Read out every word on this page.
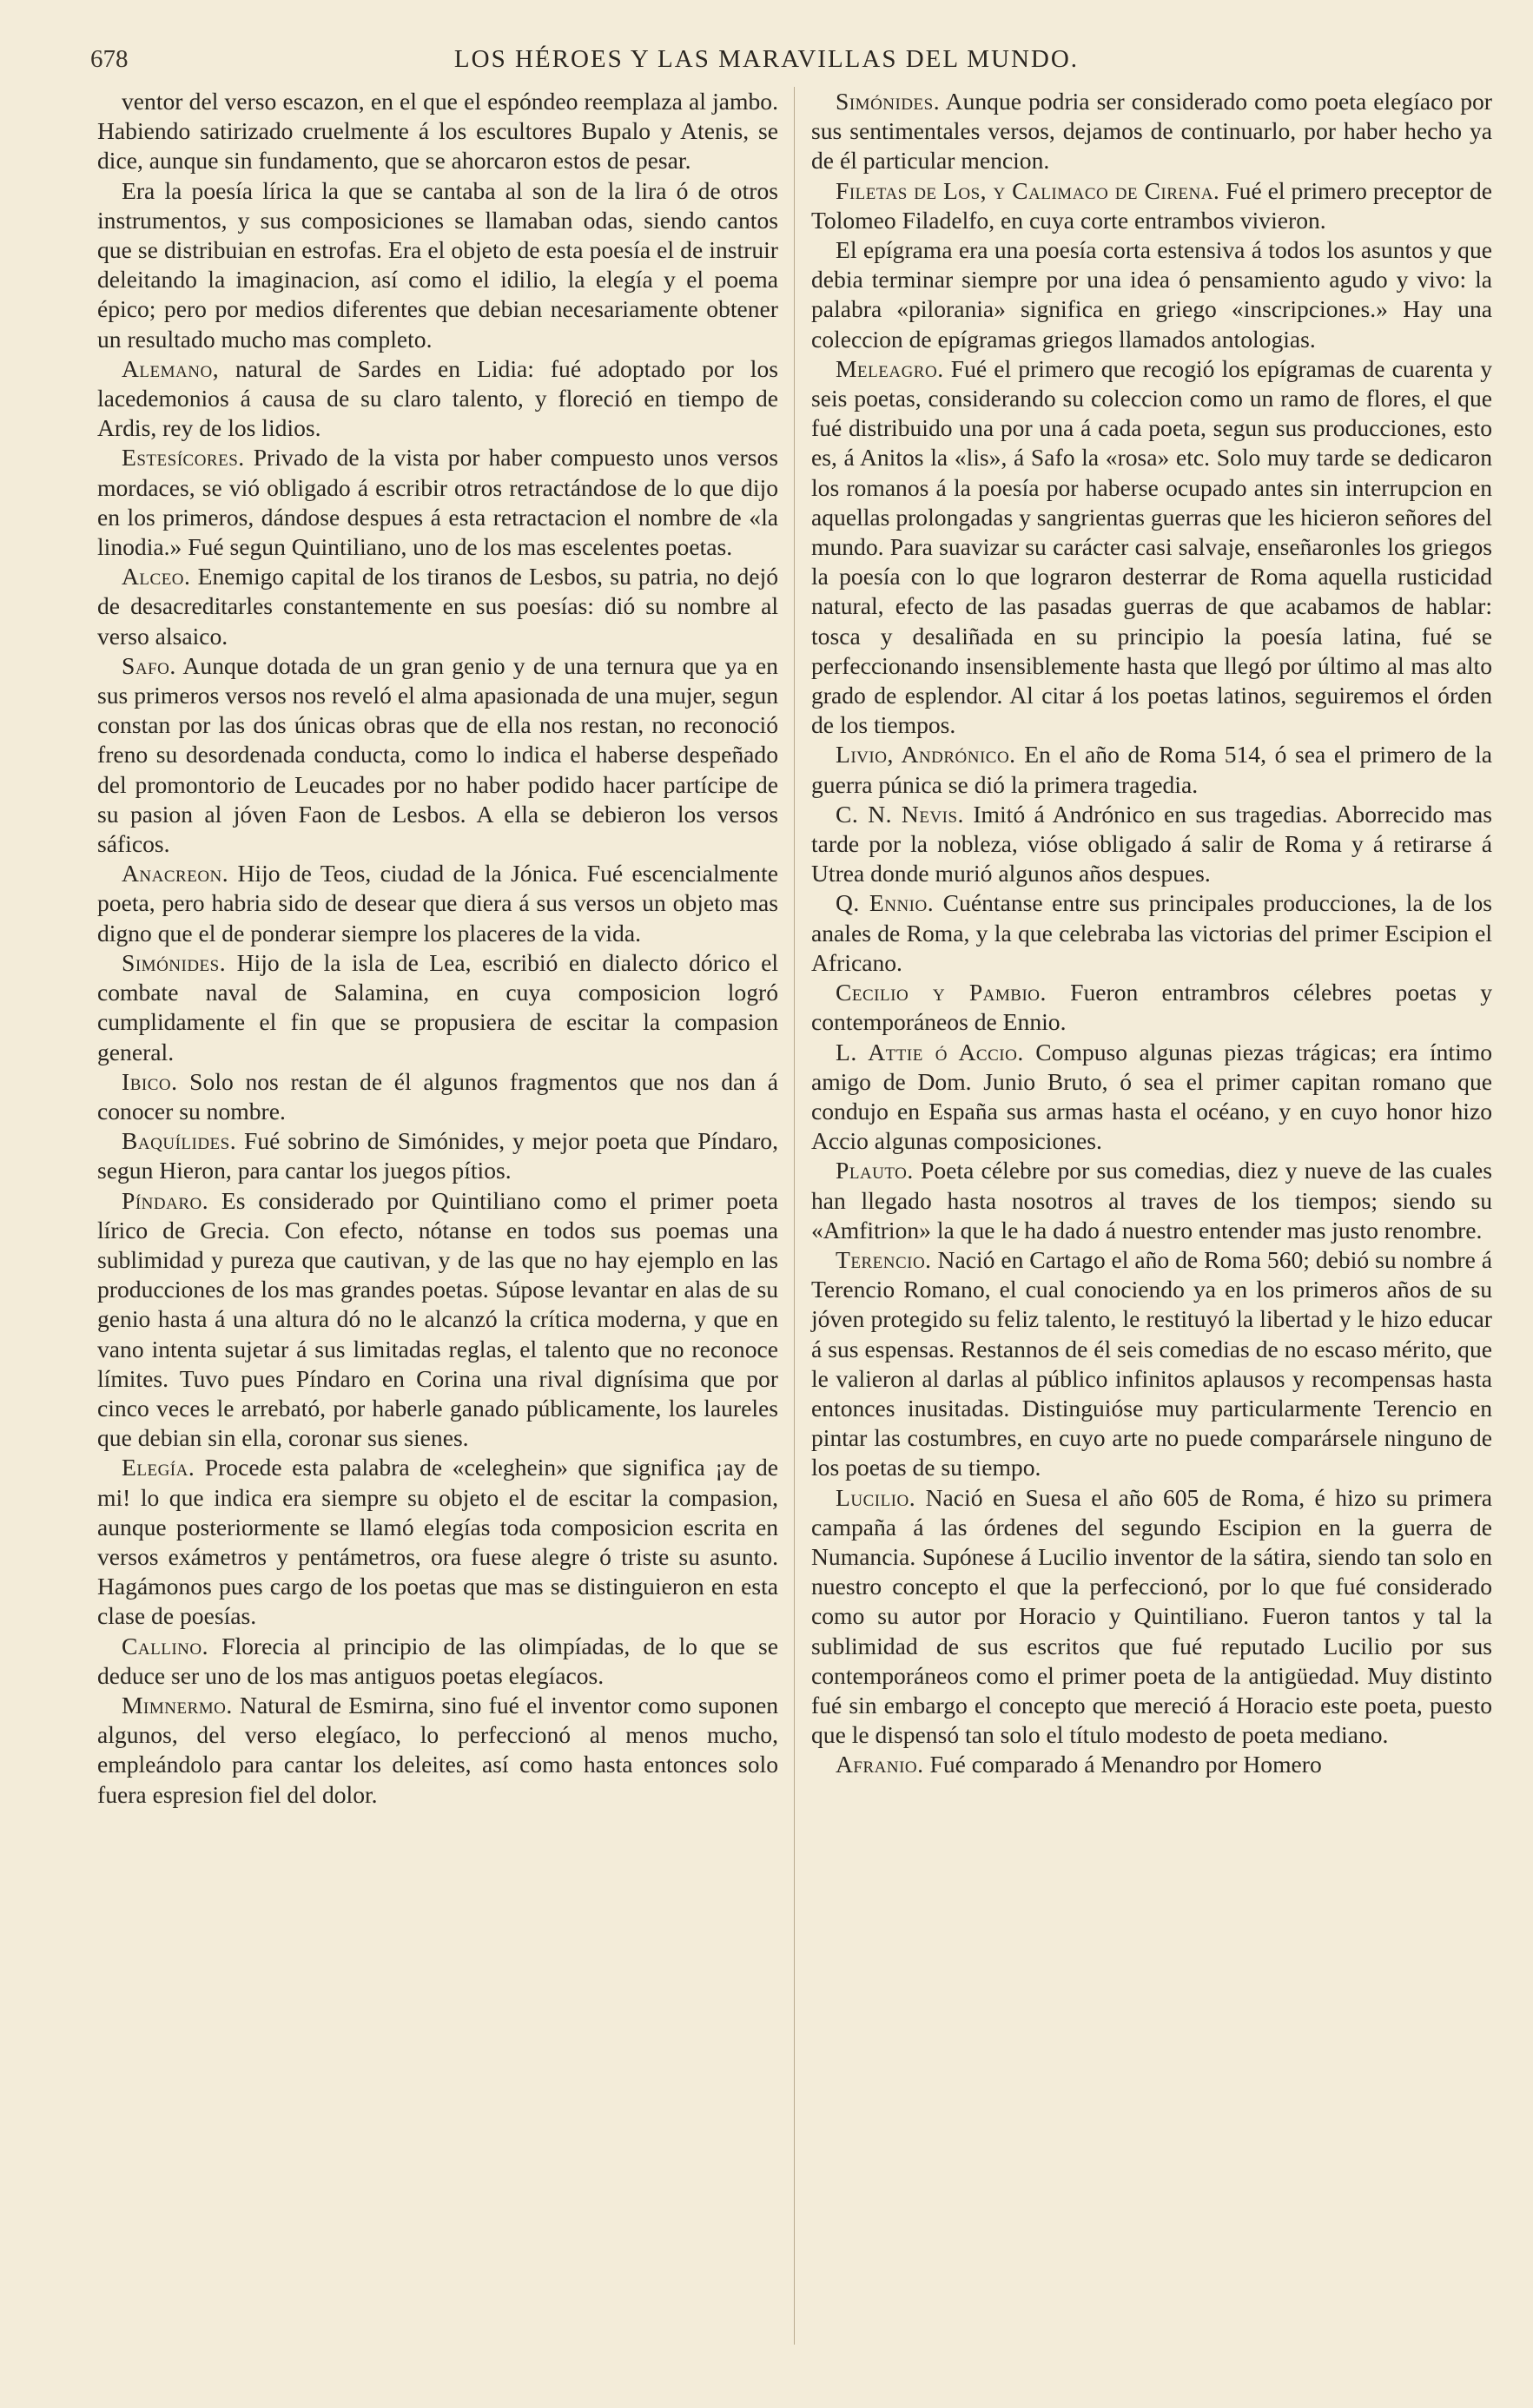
678	LOS HÉROES Y LAS MARAVILLAS DEL MUNDO.

ventor del verso escazon, en el que el espóndeo reemplaza al jambo. Habiendo satirizado cruelmente á los escultores Bupalo y Atenis, se dice, aunque sin fundamento, que se ahorcaron estos de pesar.

Era la poesía lírica la que se cantaba al son de la lira ó de otros instrumentos, y sus composiciones se llamaban odas, siendo cantos que se distribuian en estrofas. Era el objeto de esta poesía el de instruir deleitando la imaginacion, así como el idilio, la elegía y el poema épico; pero por medios diferentes que debian necesariamente obtener un resultado mucho mas completo.

Alemano, natural de Sardes en Lidia: fué adoptado por los lacedemonios á causa de su claro talento, y floreció en tiempo de Ardis, rey de los lidios.

Estesícores. Privado de la vista por haber compuesto unos versos mordaces, se vió obligado á escribir otros retractándose de lo que dijo en los primeros, dándose despues á esta retractacion el nombre de «la linodia.» Fué segun Quintiliano, uno de los mas escelentes poetas.

Alceo. Enemigo capital de los tiranos de Lesbos, su patria, no dejó de desacreditarles constantemente en sus poesías: dió su nombre al verso alsaico.

Safo. Aunque dotada de un gran genio y de una ternura que ya en sus primeros versos nos reveló el alma apasionada de una mujer, segun constan por las dos únicas obras que de ella nos restan, no reconoció freno su desordenada conducta, como lo indica el haberse despeñado del promontorio de Leucades por no haber podido hacer partícipe de su pasion al jóven Faon de Lesbos. A ella se debieron los versos sáficos.

Anacreon. Hijo de Teos, ciudad de la Jónica. Fué escencialmente poeta, pero habria sido de desear que diera á sus versos un objeto mas digno que el de ponderar siempre los placeres de la vida.

Simónides. Hijo de la isla de Lea, escribió en dialecto dórico el combate naval de Salamina, en cuya composicion logró cumplidamente el fin que se propusiera de escitar la compasion general.

Ibico. Solo nos restan de él algunos fragmentos que nos dan á conocer su nombre.

Baquílides. Fué sobrino de Simónides, y mejor poeta que Píndaro, segun Hieron, para cantar los juegos pítios.

Píndaro. Es considerado por Quintiliano como el primer poeta lírico de Grecia. Con efecto, nótanse en todos sus poemas una sublimidad y pureza que cautivan, y de las que no hay ejemplo en las producciones de los mas grandes poetas. Súpose levantar en alas de su genio hasta á una altura dó no le alcanzó la crítica moderna, y que en vano intenta sujetar á sus limitadas reglas, el talento que no reconoce límites. Tuvo pues Píndaro en Corina una rival dignísima que por cinco veces le arrebató, por haberle ganado públicamente, los laureles que debian sin ella, coronar sus sienes.

Elegía. Procede esta palabra de «celeghein» que significa ¡ay de mi! lo que indica era siempre su objeto el de escitar la compasion, aunque posteriormente se llamó elegías toda composicion escrita en versos exámetros y pentámetros, ora fuese alegre ó triste su asunto. Hagámonos pues cargo de los poetas que mas se distinguieron en esta clase de poesías.

Callino. Florecia al principio de las olimpíadas, de lo que se deduce ser uno de los mas antiguos poetas elegíacos.

Mimnermo. Natural de Esmirna, sino fué el inventor como suponen algunos, del verso elegíaco, lo perfeccionó al menos mucho, empleándolo para cantar los deleites, así como hasta entonces solo fuera espresion fiel del dolor.

Simónides. Aunque podria ser considerado como poeta elegíaco por sus sentimentales versos, dejamos de continuarlo, por haber hecho ya de él particular mencion.

Filetas de Los, y Calimaco de Cirena. Fué el primero preceptor de Tolomeo Filadelfo, en cuya corte entrambos vivieron.

El epígrama era una poesía corta estensiva á todos los asuntos y que debia terminar siempre por una idea ó pensamiento agudo y vivo: la palabra «pilorania» significa en griego «inscripciones.» Hay una coleccion de epígramas griegos llamados antologias.

Meleagro. Fué el primero que recogió los epígramas de cuarenta y seis poetas, considerando su coleccion como un ramo de flores, el que fué distribuido una por una á cada poeta, segun sus producciones, esto es, á Anitos la «lis», á Safo la «rosa» etc. Solo muy tarde se dedicaron los romanos á la poesía por haberse ocupado antes sin interrupcion en aquellas prolongadas y sangrientas guerras que les hicieron señores del mundo. Para suavizar su carácter casi salvaje, enseñaronles los griegos la poesía con lo que lograron desterrar de Roma aquella rusticidad natural, efecto de las pasadas guerras de que acabamos de hablar: tosca y desaliñada en su principio la poesía latina, fué se perfeccionando insensiblemente hasta que llegó por último al mas alto grado de esplendor. Al citar á los poetas latinos, seguiremos el órden de los tiempos.

Livio, Andrónico. En el año de Roma 514, ó sea el primero de la guerra púnica se dió la primera tragedia.

C. N. Nevis. Imitó á Andrónico en sus tragedias. Aborrecido mas tarde por la nobleza, vióse obligado á salir de Roma y á retirarse á Utrea donde murió algunos años despues.

Q. Ennio. Cuéntanse entre sus principales producciones, la de los anales de Roma, y la que celebraba las victorias del primer Escipion el Africano.

Cecilio y Pambio. Fueron entrambros célebres poetas y contemporáneos de Ennio.

L. Attie ó Accio. Compuso algunas piezas trágicas; era íntimo amigo de Dom. Junio Bruto, ó sea el primer capitan romano que condujo en España sus armas hasta el océano, y en cuyo honor hizo Accio algunas composiciones.

Plauto. Poeta célebre por sus comedias, diez y nueve de las cuales han llegado hasta nosotros al traves de los tiempos; siendo su «Amfitrion» la que le ha dado á nuestro entender mas justo renombre.

Terencio. Nació en Cartago el año de Roma 560; debió su nombre á Terencio Romano, el cual conociendo ya en los primeros años de su jóven protegido su feliz talento, le restituyó la libertad y le hizo educar á sus espensas. Restannos de él seis comedias de no escaso mérito, que le valieron al darlas al público infinitos aplausos y recompensas hasta entonces inusitadas. Distinguióse muy particularmente Terencio en pintar las costumbres, en cuyo arte no puede comparársele ninguno de los poetas de su tiempo.

Lucilio. Nació en Suesa el año 605 de Roma, é hizo su primera campaña á las órdenes del segundo Escipion en la guerra de Numancia. Supónese á Lucilio inventor de la sátira, siendo tan solo en nuestro concepto el que la perfeccionó, por lo que fué considerado como su autor por Horacio y Quintiliano. Fueron tantos y tal la sublimidad de sus escritos que fué reputado Lucilio por sus contemporáneos como el primer poeta de la antigüedad. Muy distinto fué sin embargo el concepto que mereció á Horacio este poeta, puesto que le dispensó tan solo el título modesto de poeta mediano.

Afranio. Fué comparado á Menandro por Homero
